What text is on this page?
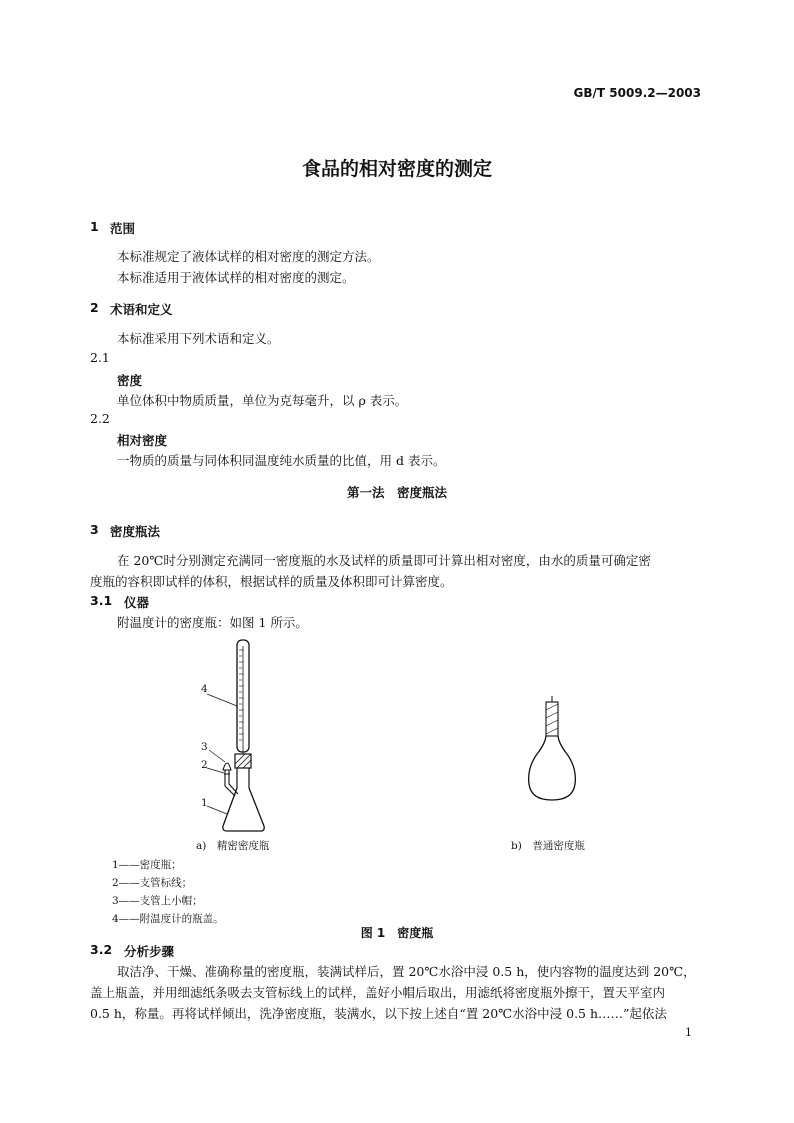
GB/T 5009.2—2003
食品的相对密度的测定
1 范围
本标准规定了液体试样的相对密度的测定方法。
本标准适用于液体试样的相对密度的测定。
2 术语和定义
本标准采用下列术语和定义。
2.1
密度
单位体积中物质质量，单位为克每毫升，以 ρ 表示。
2.2
相对密度
一物质的质量与同体积同温度纯水质量的比值，用 d 表示。
第一法　密度瓶法
3 密度瓶法
在 20℃时分别测定充满同一密度瓶的水及试样的质量即可计算出相对密度，由水的质量可确定密
度瓶的容积即试样的体积，根据试样的质量及体积即可计算密度。
3.1 仪器
附温度计的密度瓶：如图 1 所示。
4
3
2
1
a)　精密密度瓶	b)　普通密度瓶
1——密度瓶；
2——支管标线；
3——支管上小帽；
4——附温度计的瓶盖。
图 1　密度瓶
3.2 分析步骤
取洁净、干燥、准确称量的密度瓶，装满试样后，置 20℃水浴中浸 0.5 h，使内容物的温度达到 20℃，
盖上瓶盖，并用细滤纸条吸去支管标线上的试样，盖好小帽后取出，用滤纸将密度瓶外擦干，置天平室内
0.5 h，称量。再将试样倾出，洗净密度瓶，装满水，以下按上述自“置 20℃水浴中浸 0.5 h……”起依法
1
